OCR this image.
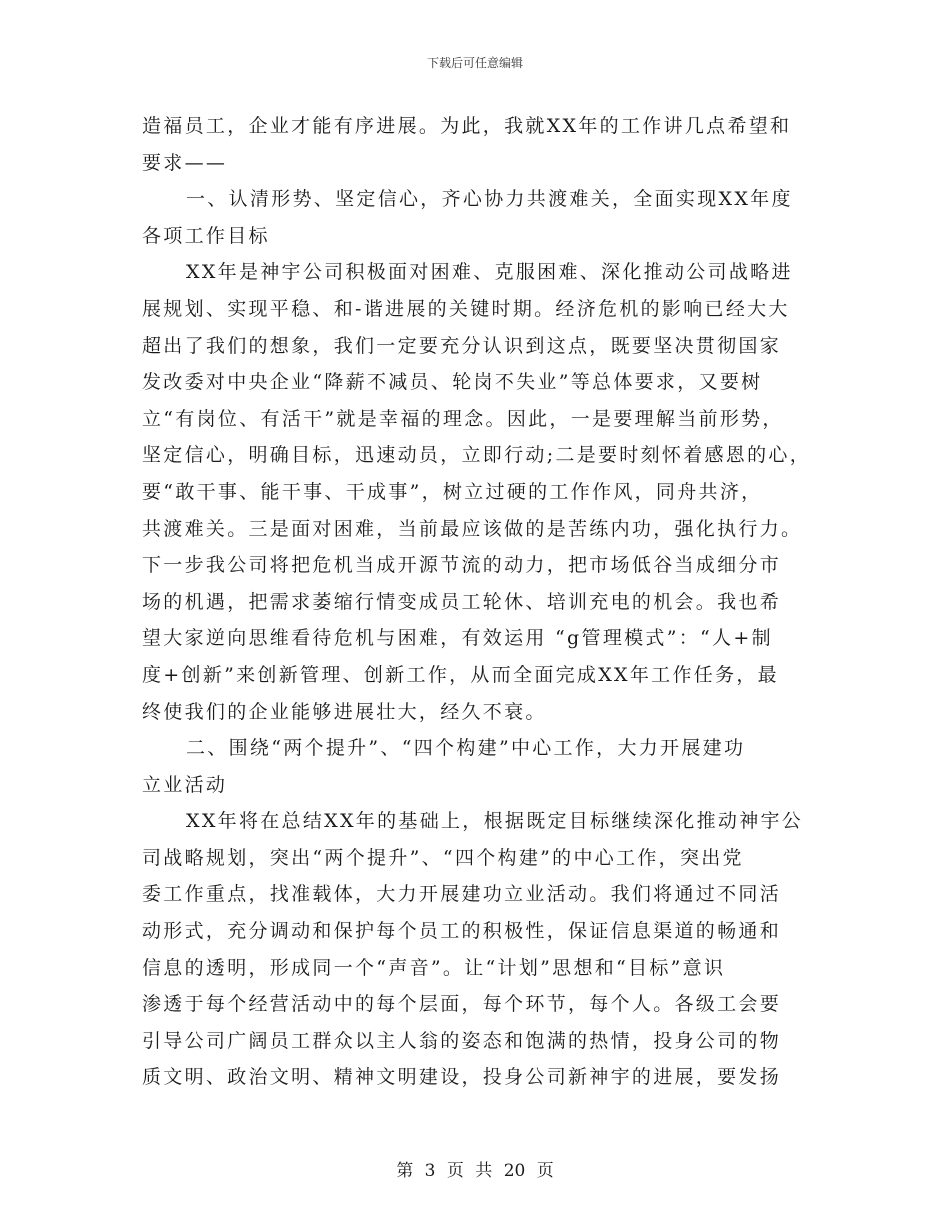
下载后可任意编辑
造福员工，企业才能有序进展。为此，我就XX年的工作讲几点希望和
要求——
一、认清形势、坚定信心，齐心协力共渡难关，全面实现XX年度
各项工作目标
XX年是神宇公司积极面对困难、克服困难、深化推动公司战略进
展规划、实现平稳、和-谐进展的关键时期。经济危机的影响已经大大
超出了我们的想象，我们一定要充分认识到这点，既要坚决贯彻国家
发改委对中央企业“降薪不减员、轮岗不失业”等总体要求，又要树
立“有岗位、有活干”就是幸福的理念。因此，一是要理解当前形势，
坚定信心，明确目标，迅速动员，立即行动;二是要时刻怀着感恩的心，
要“敢干事、能干事、干成事”，树立过硬的工作作风，同舟共济，
共渡难关。三是面对困难，当前最应该做的是苦练内功，强化执行力。
下一步我公司将把危机当成开源节流的动力，把市场低谷当成细分市
场的机遇，把需求萎缩行情变成员工轮休、培训充电的机会。我也希
望大家逆向思维看待危机与困难，有效运用 “g管理模式”：“人+制
度+创新”来创新管理、创新工作，从而全面完成XX年工作任务，最
终使我们的企业能够进展壮大，经久不衰。
二、围绕“两个提升”、“四个构建”中心工作，大力开展建功
立业活动
XX年将在总结XX年的基础上，根据既定目标继续深化推动神宇公
司战略规划，突出“两个提升”、“四个构建”的中心工作，突出党
委工作重点，找准载体，大力开展建功立业活动。我们将通过不同活
动形式，充分调动和保护每个员工的积极性，保证信息渠道的畅通和
信息的透明，形成同一个“声音”。让“计划”思想和“目标”意识
渗透于每个经营活动中的每个层面，每个环节，每个人。各级工会要
引导公司广阔员工群众以主人翁的姿态和饱满的热情，投身公司的物
质文明、政治文明、精神文明建设，投身公司新神宇的进展，要发扬
第 3 页 共 20 页
